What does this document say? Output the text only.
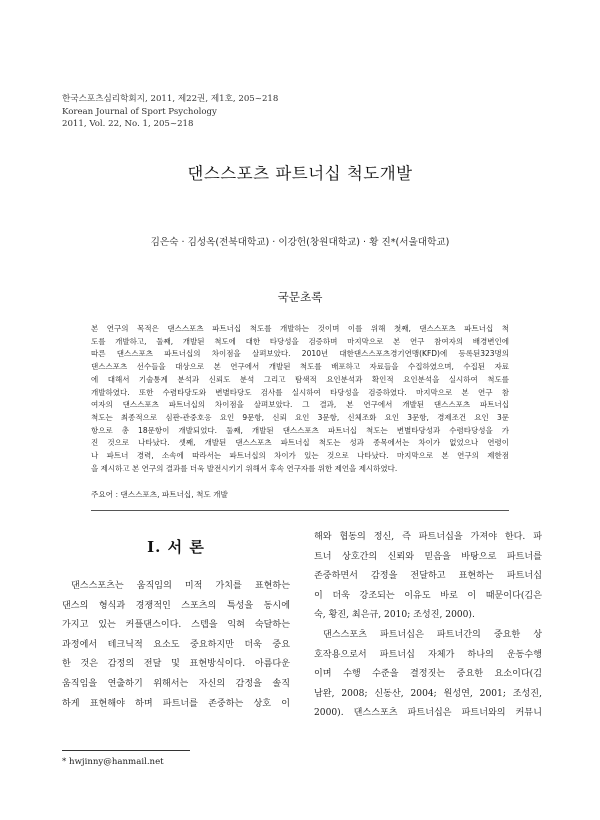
한국스포츠심리학회지, 2011, 제22권, 제1호, 205~218
Korean Journal of Sport Psychology
2011, Vol. 22, No. 1, 205~218
댄스스포츠 파트너십 척도개발
김은숙 · 김성옥(전북대학교) · 이강헌(창원대학교) · 황 진*(서울대학교)
국문초록
본 연구의 목적은 댄스스포츠 파트너십 척도를 개발하는 것이며 이를 위해 첫째, 댄스스포츠 파트너십 척
도를 개발하고, 둘째, 개발된 척도에 대한 타당성을 검증하며 마지막으로 본 연구 참여자의 배경변인에
따른 댄스스포츠 파트너십의 차이점을 살펴보았다. 2010년 대한댄스스포츠경기연맹(KFD)에 등록된323명의
댄스스포츠 선수들을 대상으로 본 연구에서 개발된 척도를 배포하고 자료들을 수집하였으며, 수집된 자료
에 대해서 기술통계 분석과 신뢰도 분석 그리고 탐색적 요인분석과 확인적 요인분석을 실시하여 척도를
개발하였다. 또한 수렴타당도와 변별타당도 검사를 실시하여 타당성을 검증하였다. 마지막으로 본 연구 참
여자의 댄스스포츠 파트너십의 차이점을 살펴보았다. 그 결과, 본 연구에서 개발된 댄스스포츠 파트너십
척도는 최종적으로 심판-관중호응 요인 9문항, 신뢰 요인 3문항, 신체조화 요인 3문항, 경제조건 요인 3문
항으로 총 18문항이 개발되었다. 둘째, 개발된 댄스스포츠 파트너십 척도는 변별타당성과 수렴타당성을 가
진 것으로 나타났다. 셋째, 개발된 댄스스포츠 파트너십 척도는 성과 종목에서는 차이가 없었으나 연령이
나 파트너 경력, 소속에 따라서는 파트너십의 차이가 있는 것으로 나타났다. 마지막으로 본 연구의 제한점
을 제시하고 본 연구의 결과를 더욱 발전시키기 위해서 후속 연구자를 위한 제언을 제시하였다.
주요어 : 댄스스포츠, 파트너십, 척도 개발
I. 서 론
댄스스포츠는 움직임의 미적 가치를 표현하는
댄스의 형식과 경쟁적인 스포츠의 특성을 동시에
가지고 있는 커플댄스이다. 스텝을 익혀 숙달하는
과정에서 테크닉적 요소도 중요하지만 더욱 중요
한 것은 감정의 전달 및 표현방식이다. 아름다운
움직임을 연출하기 위해서는 자신의 감정을 솔직
하게 표현해야 하며 파트너를 존중하는 상호 이
해와 협동의 정신, 즉 파트너십을 가져야 한다. 파
트너 상호간의 신뢰와 믿음을 바탕으로 파트너를
존중하면서 감정을 전달하고 표현하는 파트너십
이 더욱 강조되는 이유도 바로 이 때문이다(김은
숙, 황진, 최은규, 2010; 조성진, 2000).
댄스스포츠 파트너십은 파트너간의 중요한 상
호작용으로서 파트너십 자체가 하나의 운동수행
이며 수행 수준을 결정짓는 중요한 요소이다(김
남완, 2008; 신동산, 2004; 원성연, 2001; 조성진,
2000). 댄스스포츠 파트너십은 파트너와의 커뮤니
* hwjinny@hanmail.net
